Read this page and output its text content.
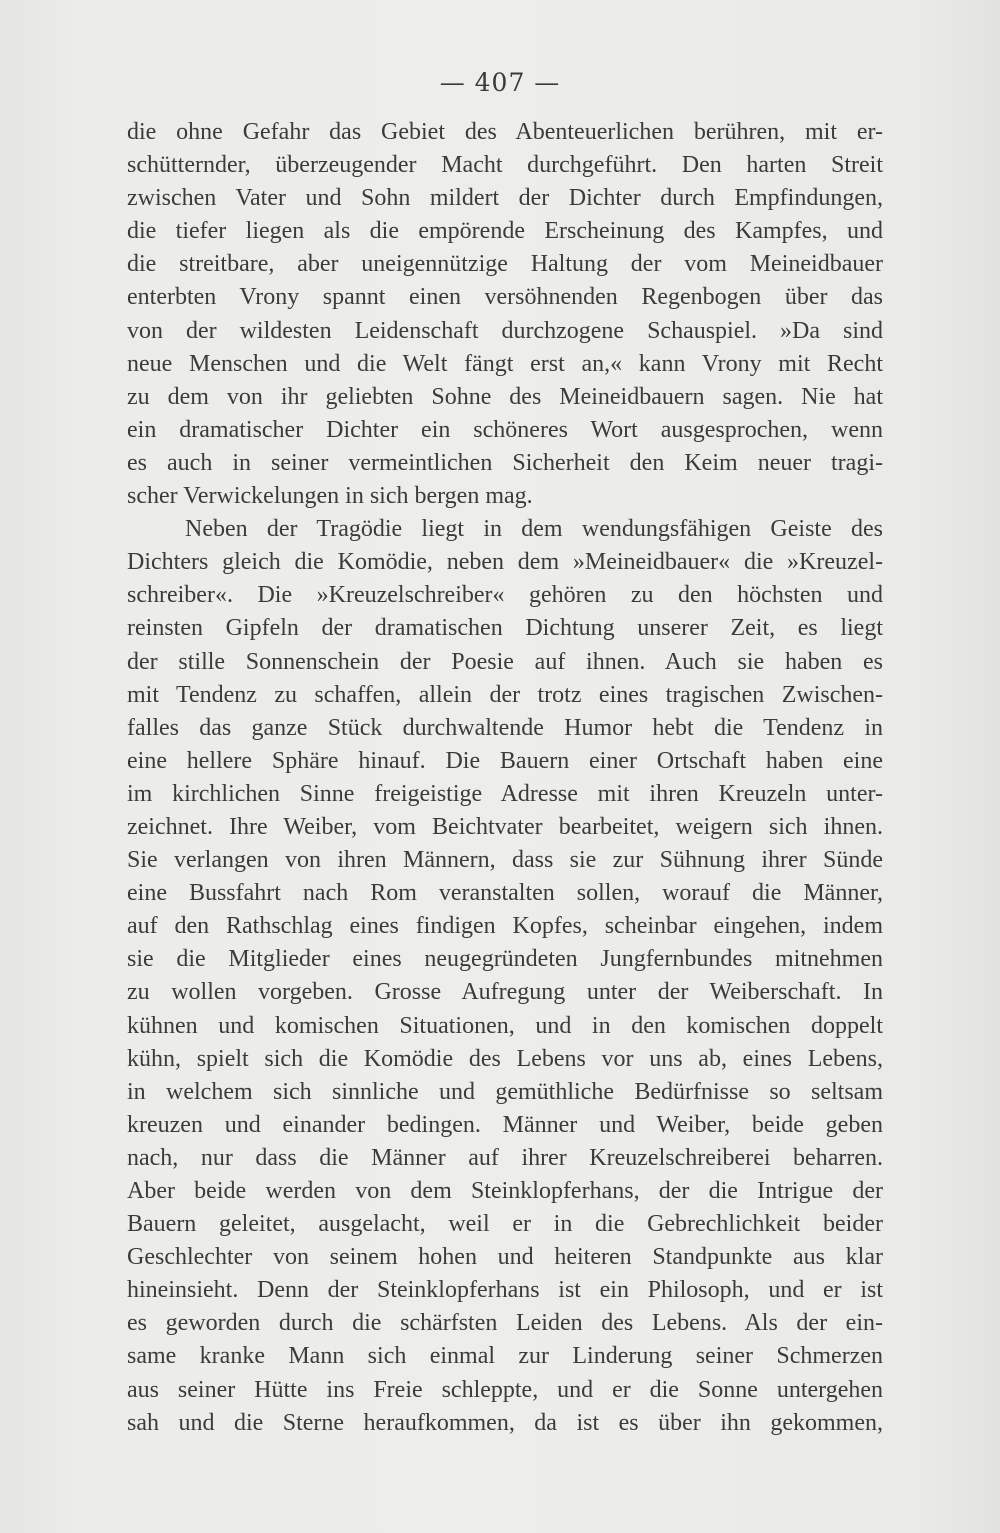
— 407 —
die ohne Gefahr das Gebiet des Abenteuerlichen berühren, mit er-
schütternder, überzeugender Macht durchgeführt. Den harten Streit
zwischen Vater und Sohn mildert der Dichter durch Empfindungen,
die tiefer liegen als die empörende Erscheinung des Kampfes, und
die streitbare, aber uneigennützige Haltung der vom Meineidbauer
enterbten Vrony spannt einen versöhnenden Regenbogen über das
von der wildesten Leidenschaft durchzogene Schauspiel. »Da sind
neue Menschen und die Welt fängt erst an,« kann Vrony mit Recht
zu dem von ihr geliebten Sohne des Meineidbauern sagen. Nie hat
ein dramatischer Dichter ein schöneres Wort ausgesprochen, wenn
es auch in seiner vermeintlichen Sicherheit den Keim neuer tragi-
scher Verwickelungen in sich bergen mag.
Neben der Tragödie liegt in dem wendungsfähigen Geiste des
Dichters gleich die Komödie, neben dem »Meineidbauer« die »Kreuzel-
schreiber«. Die »Kreuzelschreiber« gehören zu den höchsten und
reinsten Gipfeln der dramatischen Dichtung unserer Zeit, es liegt
der stille Sonnenschein der Poesie auf ihnen. Auch sie haben es
mit Tendenz zu schaffen, allein der trotz eines tragischen Zwischen-
falles das ganze Stück durchwaltende Humor hebt die Tendenz in
eine hellere Sphäre hinauf. Die Bauern einer Ortschaft haben eine
im kirchlichen Sinne freigeistige Adresse mit ihren Kreuzeln unter-
zeichnet. Ihre Weiber, vom Beichtvater bearbeitet, weigern sich ihnen.
Sie verlangen von ihren Männern, dass sie zur Sühnung ihrer Sünde
eine Bussfahrt nach Rom veranstalten sollen, worauf die Männer,
auf den Rathschlag eines findigen Kopfes, scheinbar eingehen, indem
sie die Mitglieder eines neugegründeten Jungfernbundes mitnehmen
zu wollen vorgeben. Grosse Aufregung unter der Weiberschaft. In
kühnen und komischen Situationen, und in den komischen doppelt
kühn, spielt sich die Komödie des Lebens vor uns ab, eines Lebens,
in welchem sich sinnliche und gemüthliche Bedürfnisse so seltsam
kreuzen und einander bedingen. Männer und Weiber, beide geben
nach, nur dass die Männer auf ihrer Kreuzelschreiberei beharren.
Aber beide werden von dem Steinklopferhans, der die Intrigue der
Bauern geleitet, ausgelacht, weil er in die Gebrechlichkeit beider
Geschlechter von seinem hohen und heiteren Standpunkte aus klar
hineinsieht. Denn der Steinklopferhans ist ein Philosoph, und er ist
es geworden durch die schärfsten Leiden des Lebens. Als der ein-
same kranke Mann sich einmal zur Linderung seiner Schmerzen
aus seiner Hütte ins Freie schleppte, und er die Sonne untergehen
sah und die Sterne heraufkommen, da ist es über ihn gekommen,
